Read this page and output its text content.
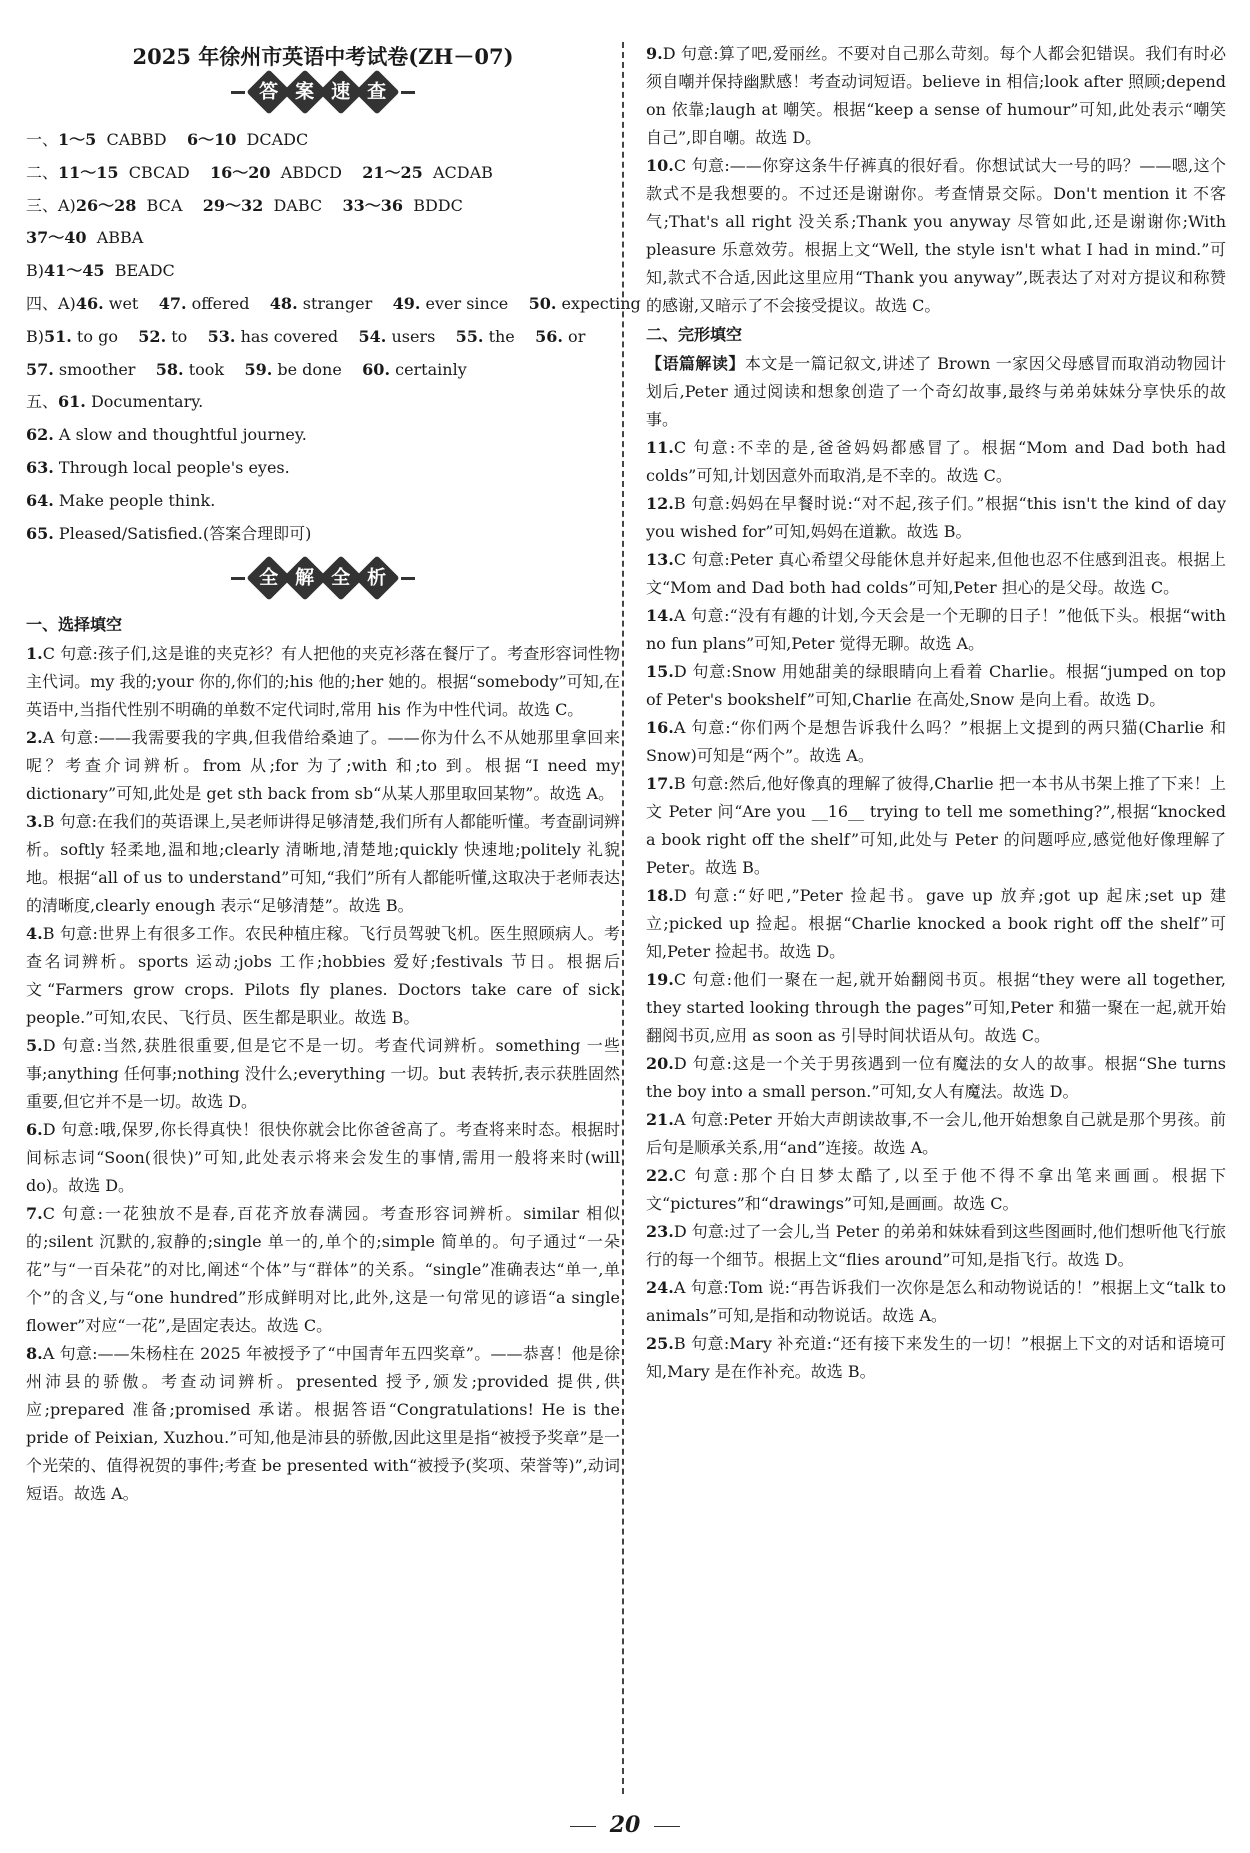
2025 年徐州市英语中考试卷(ZH－07)
答 案 速 查
一、1～5  CABBD    6～10  DCADC
二、11～15  CBCAD    16～20  ABDCD    21～25  ACDAB
三、A)26～28  BCA    29～32  DABC    33～36  BDDC
37～40  ABBA
B)41～45  BEADC
四、A)46. wet    47. offered    48. stranger    49. ever since    50. expecting
B)51. to go    52. to    53. has covered    54. users    55. the    56. or
57. smoother    58. took    59. be done    60. certainly
五、61. Documentary.
62. A slow and thoughtful journey.
63. Through local people's eyes.
64. Make people think.
65. Pleased/Satisfied.(答案合理即可)
全 解 全 析
一、选择填空

1.C 句意:孩子们,这是谁的夹克衫？有人把他的夹克衫落在餐厅了。考查形容词性物主代词。my 我的;your 你的,你们的;his 他的;her 她的。根据“somebody”可知,在英语中,当指代性别不明确的单数不定代词时,常用 his 作为中性代词。故选 C。

2.A 句意:——我需要我的字典,但我借给桑迪了。——你为什么不从她那里拿回来呢？考查介词辨析。from 从;for 为了;with 和;to 到。根据“I need my dictionary”可知,此处是 get sth back from sb“从某人那里取回某物”。故选 A。

3.B 句意:在我们的英语课上,吴老师讲得足够清楚,我们所有人都能听懂。考查副词辨析。softly 轻柔地,温和地;clearly 清晰地,清楚地;quickly 快速地;politely 礼貌地。根据“all of us to understand”可知,“我们”所有人都能听懂,这取决于老师表达的清晰度,clearly enough 表示“足够清楚”。故选 B。

4.B 句意:世界上有很多工作。农民种植庄稼。飞行员驾驶飞机。医生照顾病人。考查名词辨析。sports 运动;jobs 工作;hobbies 爱好;festivals 节日。根据后文“Farmers grow crops. Pilots fly planes. Doctors take care of sick people.”可知,农民、飞行员、医生都是职业。故选 B。

5.D 句意:当然,获胜很重要,但是它不是一切。考查代词辨析。something 一些事;anything 任何事;nothing 没什么;everything 一切。but 表转折,表示获胜固然重要,但它并不是一切。故选 D。

6.D 句意:哦,保罗,你长得真快！很快你就会比你爸爸高了。考查将来时态。根据时间标志词“Soon(很快)”可知,此处表示将来会发生的事情,需用一般将来时(will do)。故选 D。

7.C 句意:一花独放不是春,百花齐放春满园。考查形容词辨析。similar 相似的;silent 沉默的,寂静的;single 单一的,单个的;simple 简单的。句子通过“一朵花”与“一百朵花”的对比,阐述“个体”与“群体”的关系。“single”准确表达“单一,单个”的含义,与“one hundred”形成鲜明对比,此外,这是一句常见的谚语“a single flower”对应“一花”,是固定表达。故选 C。

8.A 句意:——朱杨柱在 2025 年被授予了“中国青年五四奖章”。——恭喜！他是徐州沛县的骄傲。考查动词辨析。presented 授予,颁发;provided 提供,供应;prepared 准备;promised 承诺。根据答语“Congratulations! He is the pride of Peixian, Xuzhou.”可知,他是沛县的骄傲,因此这里是指“被授予奖章”是一个光荣的、值得祝贺的事件;考查 be presented with“被授予(奖项、荣誉等)”,动词短语。故选 A。

9.D 句意:算了吧,爱丽丝。不要对自己那么苛刻。每个人都会犯错误。我们有时必须自嘲并保持幽默感！考查动词短语。believe in 相信;look after 照顾;depend on 依靠;laugh at 嘲笑。根据“keep a sense of humour”可知,此处表示“嘲笑自己”,即自嘲。故选 D。

10.C 句意:——你穿这条牛仔裤真的很好看。你想试试大一号的吗？——嗯,这个款式不是我想要的。不过还是谢谢你。考查情景交际。Don't mention it 不客气;That's all right 没关系;Thank you anyway 尽管如此,还是谢谢你;With pleasure 乐意效劳。根据上文“Well, the style isn't what I had in mind.”可知,款式不合适,因此这里应用“Thank you anyway”,既表达了对对方提议和称赞的感谢,又暗示了不会接受提议。故选 C。

二、完形填空

【语篇解读】本文是一篇记叙文,讲述了 Brown 一家因父母感冒而取消动物园计划后,Peter 通过阅读和想象创造了一个奇幻故事,最终与弟弟妹妹分享快乐的故事。

11.C 句意:不幸的是,爸爸妈妈都感冒了。根据“Mom and Dad both had colds”可知,计划因意外而取消,是不幸的。故选 C。

12.B 句意:妈妈在早餐时说:“对不起,孩子们。”根据“this isn't the kind of day you wished for”可知,妈妈在道歉。故选 B。

13.C 句意:Peter 真心希望父母能休息并好起来,但他也忍不住感到沮丧。根据上文“Mom and Dad both had colds”可知,Peter 担心的是父母。故选 C。

14.A 句意:“没有有趣的计划,今天会是一个无聊的日子！”他低下头。根据“with no fun plans”可知,Peter 觉得无聊。故选 A。

15.D 句意:Snow 用她甜美的绿眼睛向上看着 Charlie。根据“jumped on top of Peter's bookshelf”可知,Charlie 在高处,Snow 是向上看。故选 D。

16.A 句意:“你们两个是想告诉我什么吗？”根据上文提到的两只猫(Charlie 和 Snow)可知是“两个”。故选 A。

17.B 句意:然后,他好像真的理解了彼得,Charlie 把一本书从书架上推了下来！上文 Peter 问“Are you __16__ trying to tell me something?”,根据“knocked a book right off the shelf”可知,此处与 Peter 的问题呼应,感觉他好像理解了 Peter。故选 B。

18.D 句意:“好吧,”Peter 捡起书。gave up 放弃;got up 起床;set up 建立;picked up 捡起。根据“Charlie knocked a book right off the shelf”可知,Peter 捡起书。故选 D。

19.C 句意:他们一聚在一起,就开始翻阅书页。根据“they were all together, they started looking through the pages”可知,Peter 和猫一聚在一起,就开始翻阅书页,应用 as soon as 引导时间状语从句。故选 C。

20.D 句意:这是一个关于男孩遇到一位有魔法的女人的故事。根据“She turns the boy into a small person.”可知,女人有魔法。故选 D。

21.A 句意:Peter 开始大声朗读故事,不一会儿,他开始想象自己就是那个男孩。前后句是顺承关系,用“and”连接。故选 A。

22.C 句意:那个白日梦太酷了,以至于他不得不拿出笔来画画。根据下文“pictures”和“drawings”可知,是画画。故选 C。

23.D 句意:过了一会儿,当 Peter 的弟弟和妹妹看到这些图画时,他们想听他飞行旅行的每一个细节。根据上文“flies around”可知,是指飞行。故选 D。

24.A 句意:Tom 说:“再告诉我们一次你是怎么和动物说话的！”根据上文“talk to animals”可知,是指和动物说话。故选 A。

25.B 句意:Mary 补充道:“还有接下来发生的一切！”根据上下文的对话和语境可知,Mary 是在作补充。故选 B。

20
